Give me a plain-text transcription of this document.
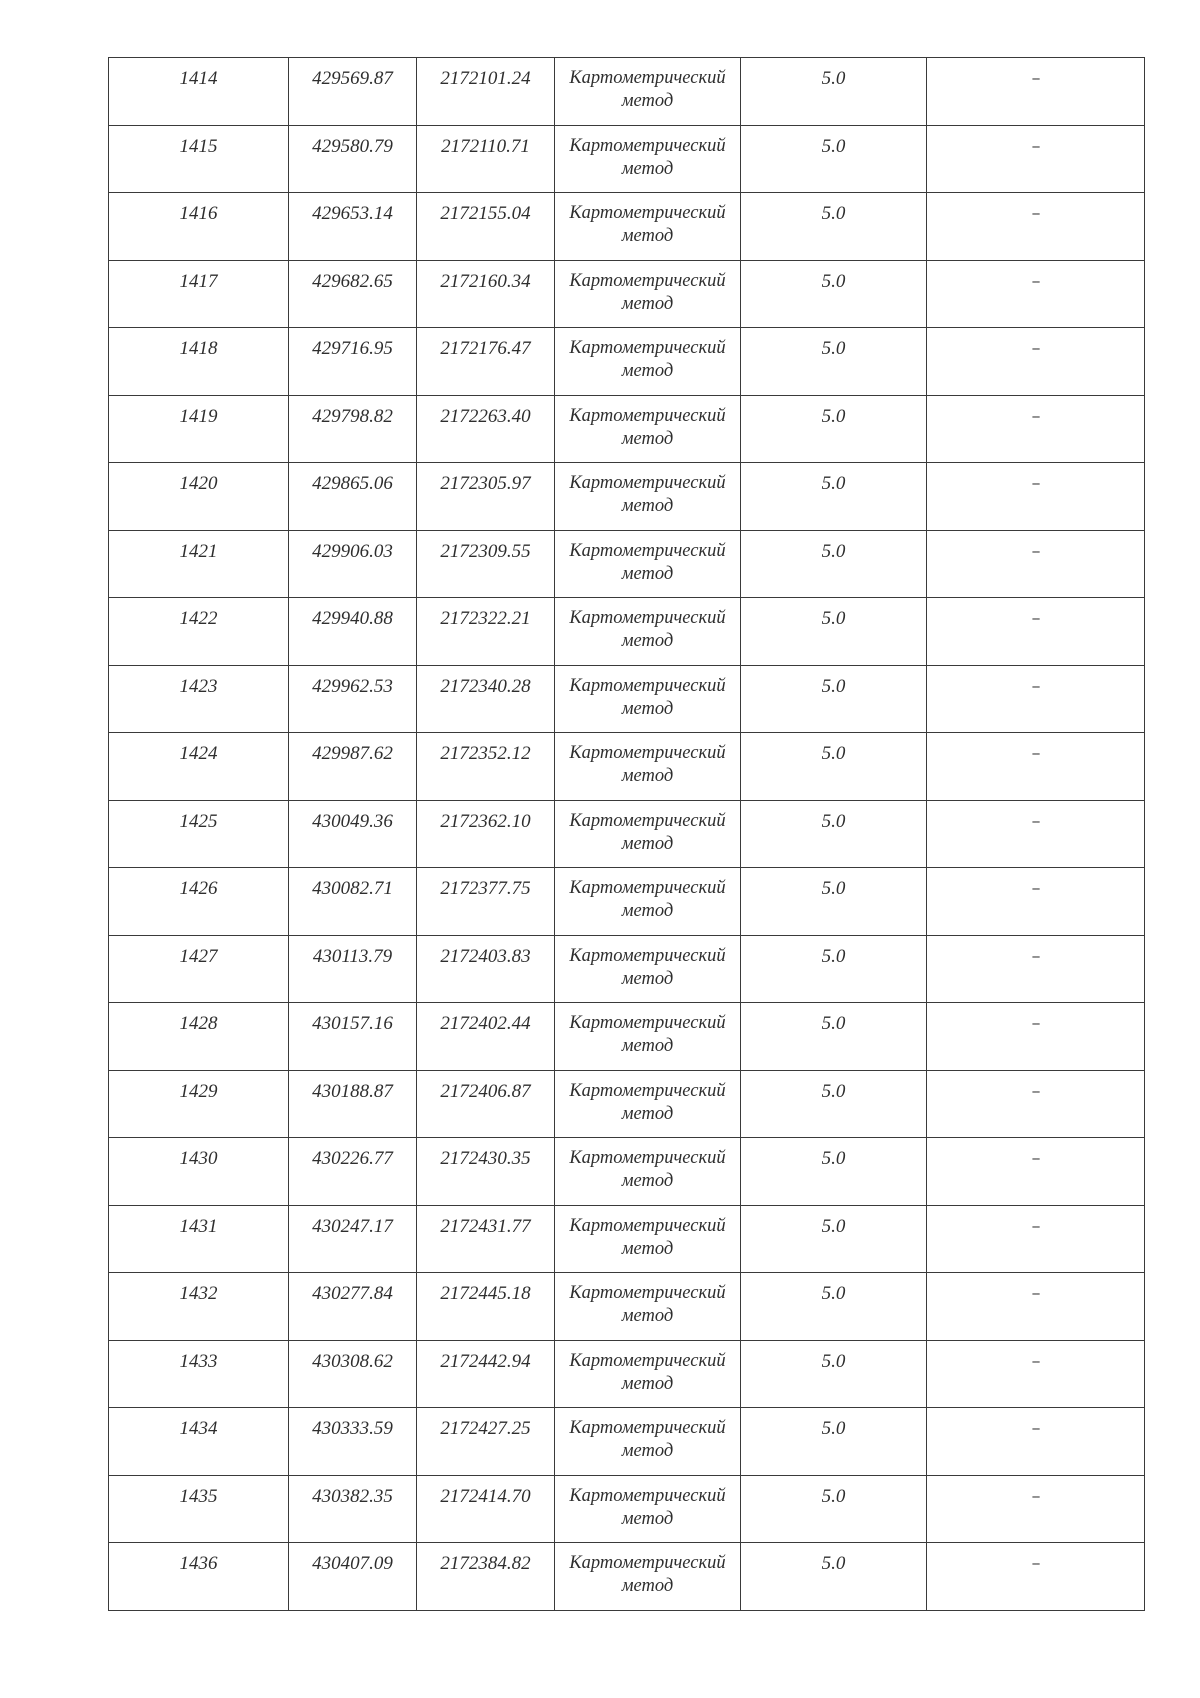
1414	429569.87	2172101.24	Картометрический
метод	5.0	--

1415	429580.79	2172110.71	Картометрический
метод	5.0	--

1416	429653.14	2172155.04	Картометрический
метод	5.0	--

1417	429682.65	2172160.34	Картометрический
метод	5.0	--

1418	429716.95	2172176.47	Картометрический
метод	5.0	--

1419	429798.82	2172263.40	Картометрический
метод	5.0	--

1420	429865.06	2172305.97	Картометрический
метод	5.0	--

1421	429906.03	2172309.55	Картометрический
метод	5.0	--

1422	429940.88	2172322.21	Картометрический
метод	5.0	--

1423	429962.53	2172340.28	Картометрический
метод	5.0	--

1424	429987.62	2172352.12	Картометрический
метод	5.0	--

1425	430049.36	2172362.10	Картометрический
метод	5.0	--

1426	430082.71	2172377.75	Картометрический
метод	5.0	--

1427	430113.79	2172403.83	Картометрический
метод	5.0	--

1428	430157.16	2172402.44	Картометрический
метод	5.0	--

1429	430188.87	2172406.87	Картометрический
метод	5.0	--

1430	430226.77	2172430.35	Картометрический
метод	5.0	--

1431	430247.17	2172431.77	Картометрический
метод	5.0	--

1432	430277.84	2172445.18	Картометрический
метод	5.0	--

1433	430308.62	2172442.94	Картометрический
метод	5.0	--

1434	430333.59	2172427.25	Картометрический
метод	5.0	--

1435	430382.35	2172414.70	Картометрический
метод	5.0	--

1436	430407.09	2172384.82	Картометрический
метод	5.0	--
